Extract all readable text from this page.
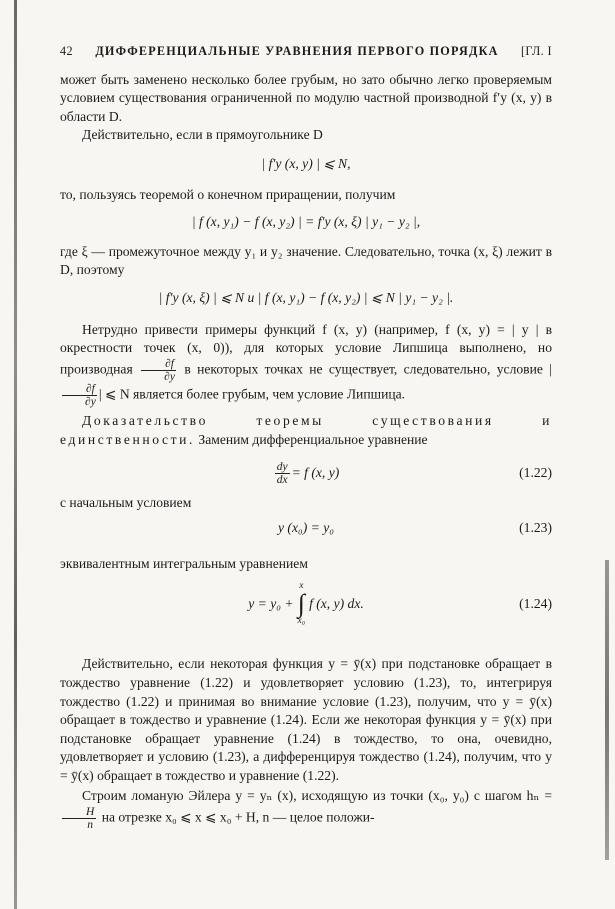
42 ДИФФЕРЕНЦИАЛЬНЫЕ УРАВНЕНИЯ ПЕРВОГО ПОРЯДКА [ГЛ. I

может быть заменено несколько более грубым, но зато обычно легко проверяемым условием существования ограниченной по модулю частной производной f′y (x, y) в области D.

Действительно, если в прямоугольнике D

| f′y (x, y) | ⩽ N,

то, пользуясь теоремой о конечном приращении, получим

| f (x, y₁) − f (x, y₂) | = f′y (x, ξ) | y₁ − y₂ |,

где ξ — промежуточное между y₁ и y₂ значение. Следовательно, точка (x, ξ) лежит в D, поэтому

| f′y (x, ξ) | ⩽ N и | f (x, y₁) − f (x, y₂) | ⩽ N | y₁ − y₂ |.

Нетрудно привести примеры функций f (x, y) (например, f (x, y) = | y | в окрестности точек (x, 0)), для которых условие Липшица выполнено, но производная $\frac{\partial f}{\partial y}$ в некоторых точках не существует, следовательно, условие |
$\frac{\partial f}{\partial y}$ | ⩽ N является более грубым, чем условие Липшица.

Доказательство теоремы существования и единственности. Заменим дифференциальное уравнение

$\frac{dy}{dx} = f$ (x, y)	(1.22)

с начальным условием

y (x₀) = y₀	(1.23)

эквивалентным интегральным уравнением

y = y₀ +
x
∫
x₀
f (x, y) dx.	(1.24)

Действительно, если некоторая функция y = ȳ(x) при подстановке обращает в тождество уравнение (1.22) и удовлетворяет условию (1.23), то, интегрируя тождество (1.22) и принимая во внимание условие (1.23), получим, что y = ȳ(x) обращает в тождество и уравнение (1.24). Если же некоторая функция y = ȳ(x) при подстановке обращает уравнение (1.24) в тождество, то она, очевидно, удовлетворяет и условию (1.23), а дифференцируя тождество (1.24), получим, что y = ȳ(x) обращает в тождество и уравнение (1.22).

Строим ломаную Эйлера y = yₙ (x), исходящую из точки (x₀, y₀) с шагом hₙ =
$\frac{H}{n}$ на отрезке x₀ ⩽ x ⩽ x₀ + H, n — целое положи-
